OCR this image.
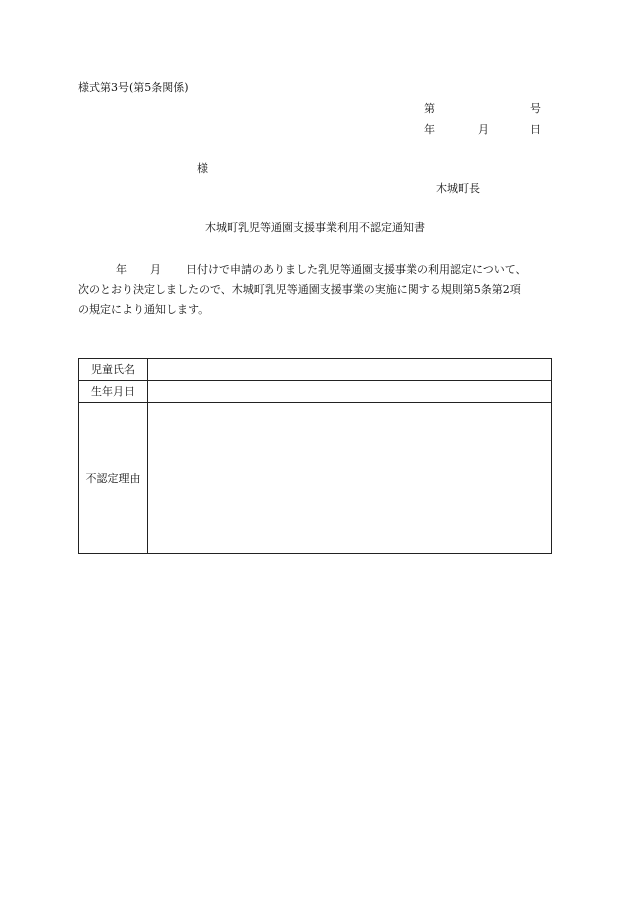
様式第3号(第5条関係)
第	号
年	月	日
様
木城町長
木城町乳児等通園支援事業利用不認定通知書
年 月 日付けで申請のありました乳児等通園支援事業の利用認定について、
次のとおり決定しましたので、木城町乳児等通園支援事業の実施に関する規則第5条第2項
の規定により通知します。
児童氏名	
生年月日	
不認定理由	
